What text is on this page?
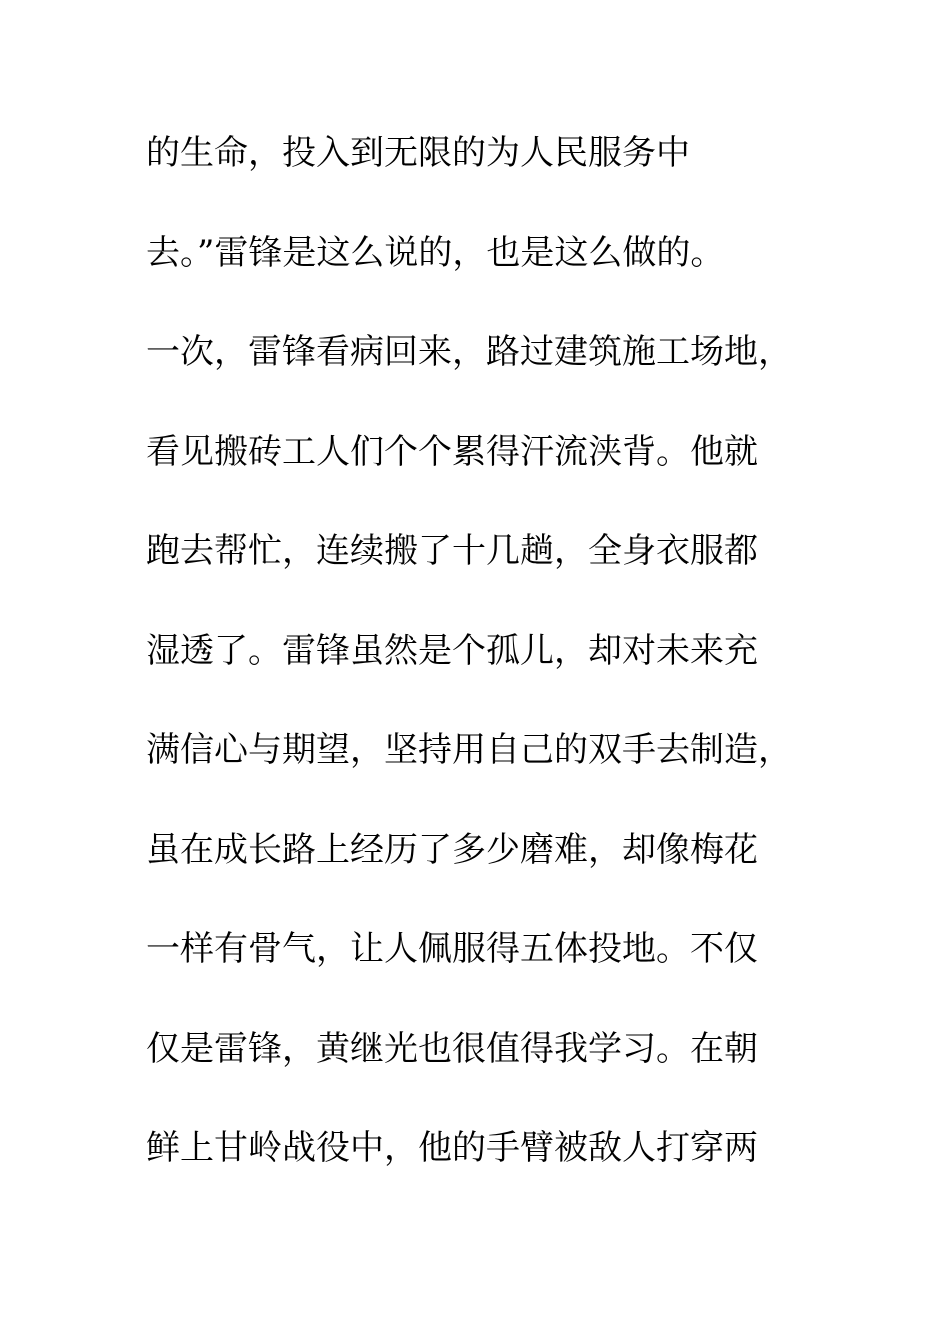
的生命，投入到无限的为人民服务中
去。”雷锋是这么说的，也是这么做的。
一次，雷锋看病回来，路过建筑施工场地，
看见搬砖工人们个个累得汗流浃背。他就
跑去帮忙，连续搬了十几趟，全身衣服都
湿透了。雷锋虽然是个孤儿，却对未来充
满信心与期望，坚持用自己的双手去制造，
虽在成长路上经历了多少磨难，却像梅花
一样有骨气，让人佩服得五体投地。不仅
仅是雷锋，黄继光也很值得我学习。在朝
鲜上甘岭战役中，他的手臂被敌人打穿两
